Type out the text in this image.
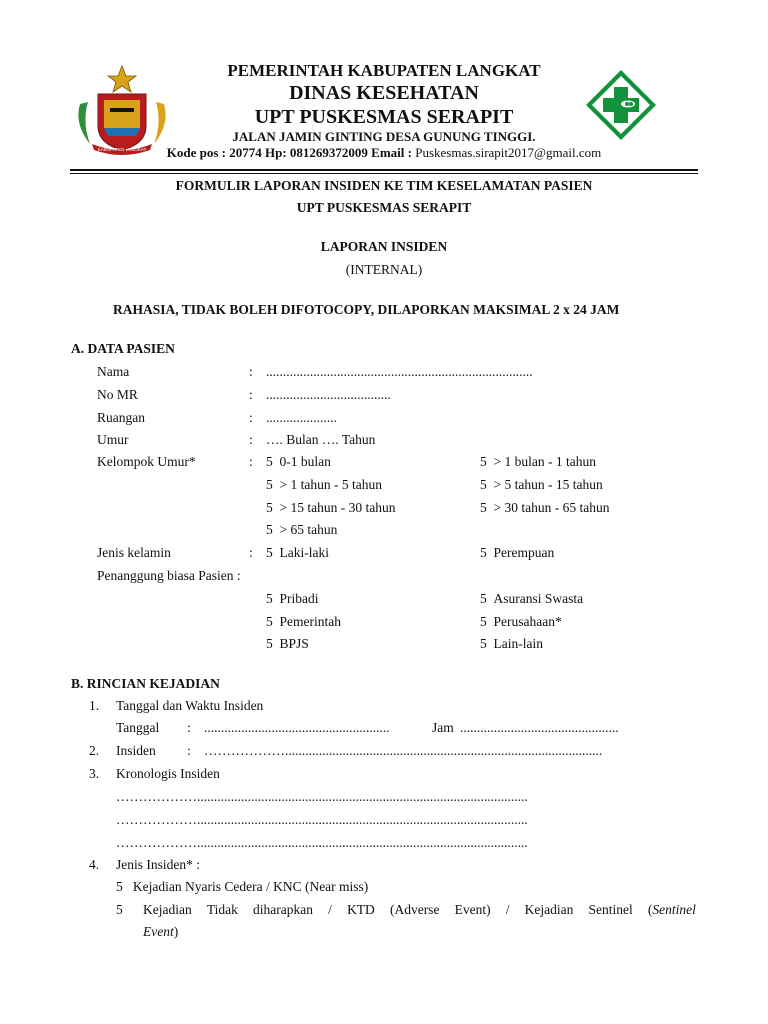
KABUPATEN LANGKAT
PEMERINTAH KABUPATEN LANGKAT
DINAS KESEHATAN
UPT PUSKESMAS SERAPIT
JALAN JAMIN GINTING DESA GUNUNG TINGGI.
Kode pos : 20774 Hp: 081269372009 Email : Puskesmas.sirapit2017@gmail.com
FORMULIR LAPORAN INSIDEN KE TIM KESELAMATAN PASIEN
UPT PUSKESMAS SERAPIT
LAPORAN INSIDEN
(INTERNAL)
RAHASIA, TIDAK BOLEH DIFOTOCOPY, DILAPORKAN MAKSIMAL 2 x 24 JAM
A. DATA PASIEN
Nama	: ...............................................................................
No MR	: .....................................
Ruangan	: .....................
Umur	: …. Bulan …. Tahun
Kelompok Umur*	: 5 0-1 bulan	5 > 1 bulan - 1 tahun
5 > 1 tahun - 5 tahun	5 > 5 tahun - 15 tahun
5 > 15 tahun - 30 tahun	5 > 30 tahun - 65 tahun
5 > 65 tahun
Jenis kelamin	: 5 Laki-laki	5 Perempuan
Penanggung biasa Pasien :
5 Pribadi	5 Asuransi Swasta
5 Pemerintah	5 Perusahaan*
5 BPJS	5 Lain-lain
B. RINCIAN KEJADIAN
1. Tanggal dan Waktu Insiden
Tanggal : .......................................................	Jam ...............................................
2. Insiden : ………………..............................................................................................
3. Kronologis Insiden
………………..................................................................................................
………………..................................................................................................
………………..................................................................................................
4. Jenis Insiden* :
5 Kejadian Nyaris Cedera / KNC (Near miss)
5 Kejadian Tidak diharapkan / KTD (Adverse Event) / Kejadian Sentinel (Sentinel
Event)
